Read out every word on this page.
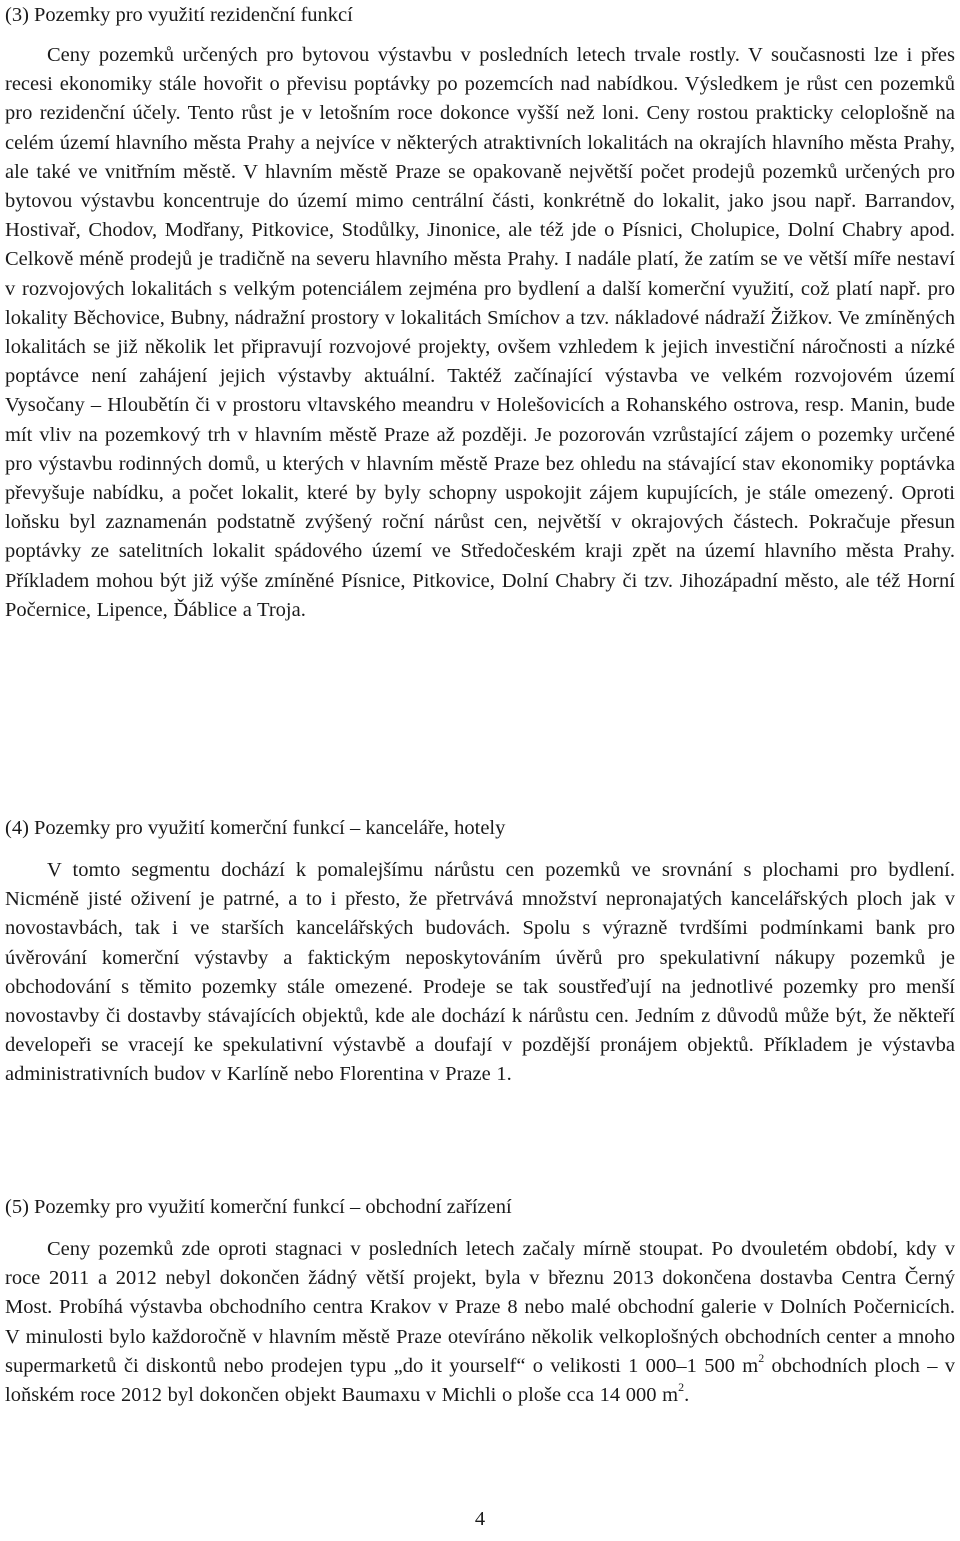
(3) Pozemky pro využití rezidenční funkcí
Ceny pozemků určených pro bytovou výstavbu v posledních letech trvale rostly. V současnosti lze i přes recesi ekonomiky stále hovořit o převisu poptávky po pozemcích nad nabídkou. Výsledkem je růst cen pozemků pro rezidenční účely. Tento růst je v letošním roce dokonce vyšší než loni. Ceny rostou prakticky celoplošně na celém území hlavního města Prahy a nejvíce v některých atraktivních lokalitách na okrajích hlavního města Prahy, ale také ve vnitřním městě. V hlavním městě Praze se opakovaně největší počet prodejů pozemků určených pro bytovou výstavbu koncentruje do území mimo centrální části, konkrétně do lokalit, jako jsou např. Barrandov, Hostivař, Chodov, Modřany, Pitkovice, Stodůlky, Jinonice, ale též jde o Písnici, Cholupice, Dolní Chabry apod. Celkově méně prodejů je tradičně na severu hlavního města Prahy. I nadále platí, že zatím se ve větší míře nestaví v rozvojových lokalitách s velkým potenciálem zejména pro bydlení a další komerční využití, což platí např. pro lokality Běchovice, Bubny, nádražní prostory v lokalitách Smíchov a tzv. nákladové nádraží Žižkov. Ve zmíněných lokalitách se již několik let připravují rozvojové projekty, ovšem vzhledem k jejich investiční náročnosti a nízké poptávce není zahájení jejich výstavby aktuální. Taktéž začínající výstavba ve velkém rozvojovém území Vysočany – Hloubětín či v prostoru vltavského meandru v Holešovicích a Rohanského ostrova, resp. Manin, bude mít vliv na pozemkový trh v hlavním městě Praze až později. Je pozorován vzrůstající zájem o pozemky určené pro výstavbu rodinných domů, u kterých v hlavním městě Praze bez ohledu na stávající stav ekonomiky poptávka převyšuje nabídku, a počet lokalit, které by byly schopny uspokojit zájem kupujících, je stále omezený. Oproti loňsku byl zaznamenán podstatně zvýšený roční nárůst cen, největší v okrajových částech. Pokračuje přesun poptávky ze satelitních lokalit spádového území ve Středočeském kraji zpět na území hlavního města Prahy. Příkladem mohou být již výše zmíněné Písnice, Pitkovice, Dolní Chabry či tzv. Jihozápadní město, ale též Horní Počernice, Lipence, Ďáblice a Troja.
(4) Pozemky pro využití komerční funkcí – kanceláře, hotely
V tomto segmentu dochází k pomalejšímu nárůstu cen pozemků ve srovnání s plochami pro bydlení. Nicméně jisté oživení je patrné, a to i přesto, že přetrvává množství nepronajatých kancelářských ploch jak v novostavbách, tak i ve starších kancelářských budovách. Spolu s výrazně tvrdšími podmínkami bank pro úvěrování komerční výstavby a faktickým neposkytováním úvěrů pro spekulativní nákupy pozemků je obchodování s těmito pozemky stále omezené. Prodeje se tak soustřeďují na jednotlivé pozemky pro menší novostavby či dostavby stávajících objektů, kde ale dochází k nárůstu cen. Jedním z důvodů může být, že někteří developeři se vracejí ke spekulativní výstavbě a doufají v pozdější pronájem objektů. Příkladem je výstavba administrativních budov v Karlíně nebo Florentina v Praze 1.
(5) Pozemky pro využití komerční funkcí – obchodní zařízení
Ceny pozemků zde oproti stagnaci v posledních letech začaly mírně stoupat. Po dvouletém období, kdy v roce 2011 a 2012 nebyl dokončen žádný větší projekt, byla v březnu 2013 dokončena dostavba Centra Černý Most. Probíhá výstavba obchodního centra Krakov v Praze 8 nebo malé obchodní galerie v Dolních Počernicích. V minulosti bylo každoročně v hlavním městě Praze otevíráno několik velkoplošných obchodních center a mnoho supermarketů či diskontů nebo prodejen typu „do it yourself“ o velikosti 1 000–1 500 $m^2$ obchodních ploch – v loňském roce 2012 byl dokončen objekt Baumaxu v Michli o ploše cca 14 000 $m^2$.
4
